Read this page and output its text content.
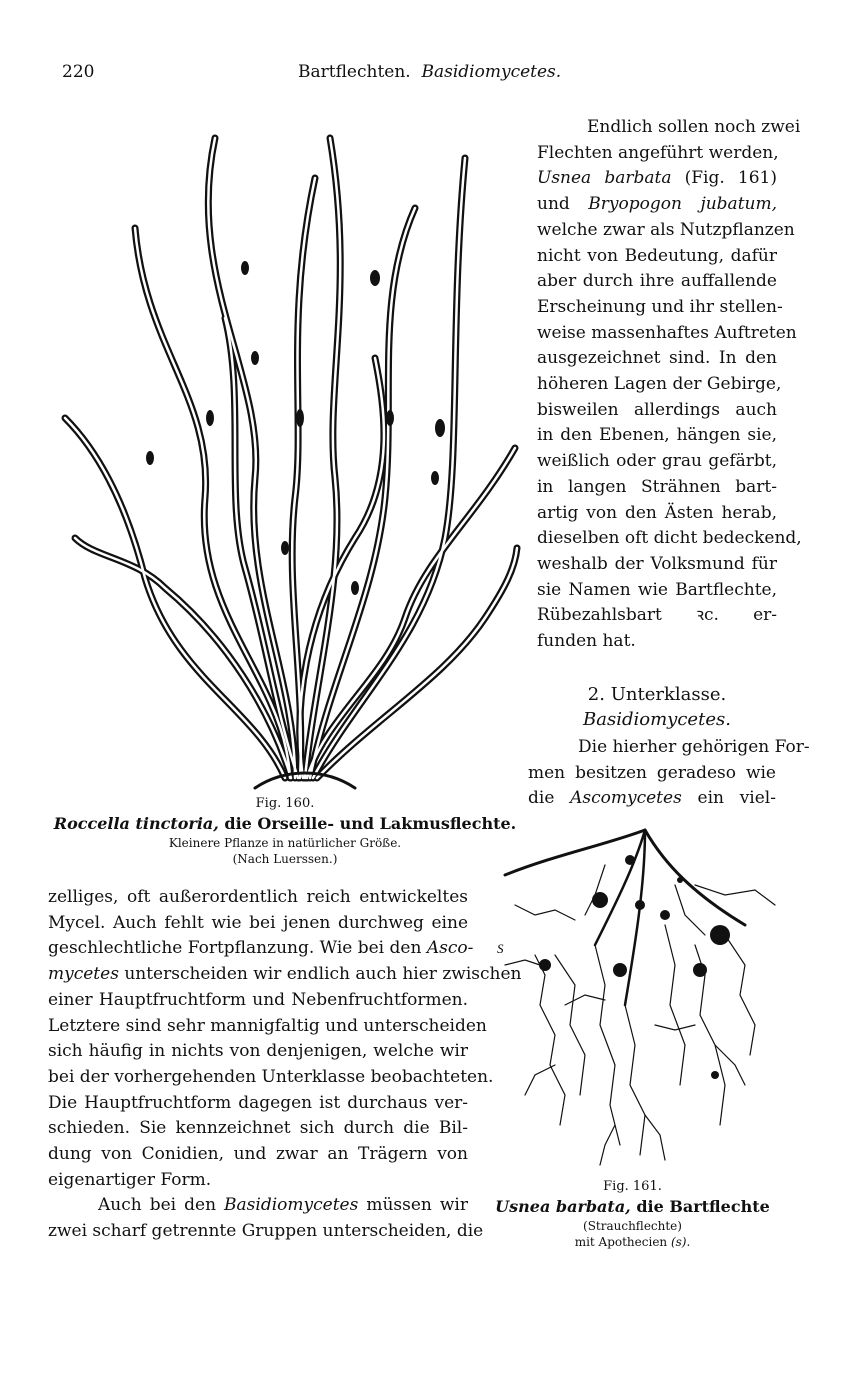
220	Bartflechten. Basidiomycetes.
Fig. 160.
Roccella tinctoria, die Orseille- und Lakmusflechte.
Kleinere Pflanze in natürlicher Größe.
(Nach Luerssen.)
Endlich sollen noch zwei
Flechten angeführt werden,
Usnea barbata (Fig. 161)
und Bryopogon jubatum,
welche zwar als Nutzpflanzen
nicht von Bedeutung, dafür
aber durch ihre auffallende
Erscheinung und ihr stellen-
weise massenhaftes Auftreten
ausgezeichnet sind. In den
höheren Lagen der Gebirge,
bisweilen allerdings auch
in den Ebenen, hängen sie,
weißlich oder grau gefärbt,
in langen Strähnen bart-
artig von den Ästen herab,
dieselben oft dicht bedeckend,
weshalb der Volksmund für
sie Namen wie Bartflechte,
Rübezahlsbart ꝛc. er-
funden hat.
2. Unterklasse.
Basidiomycetes.
Die hierher gehörigen For-
men besitzen geradeso wie
die Ascomycetes ein viel-
S
Fig. 161.
Usnea barbata, die Bartflechte
(Strauchflechte)
mit Apothecien (s).
zelliges, oft außerordentlich reich entwickeltes
Mycel. Auch fehlt wie bei jenen durchweg eine
geschlechtliche Fortpflanzung. Wie bei den Asco-
mycetes unterscheiden wir endlich auch hier zwischen
einer Hauptfruchtform und Nebenfruchtformen.
Letztere sind sehr mannigfaltig und unterscheiden
sich häufig in nichts von denjenigen, welche wir
bei der vorhergehenden Unterklasse beobachteten.
Die Hauptfruchtform dagegen ist durchaus ver-
schieden. Sie kennzeichnet sich durch die Bil-
dung von Conidien, und zwar an Trägern von
eigenartiger Form.
Auch bei den Basidiomycetes müssen wir
zwei scharf getrennte Gruppen unterscheiden, die
